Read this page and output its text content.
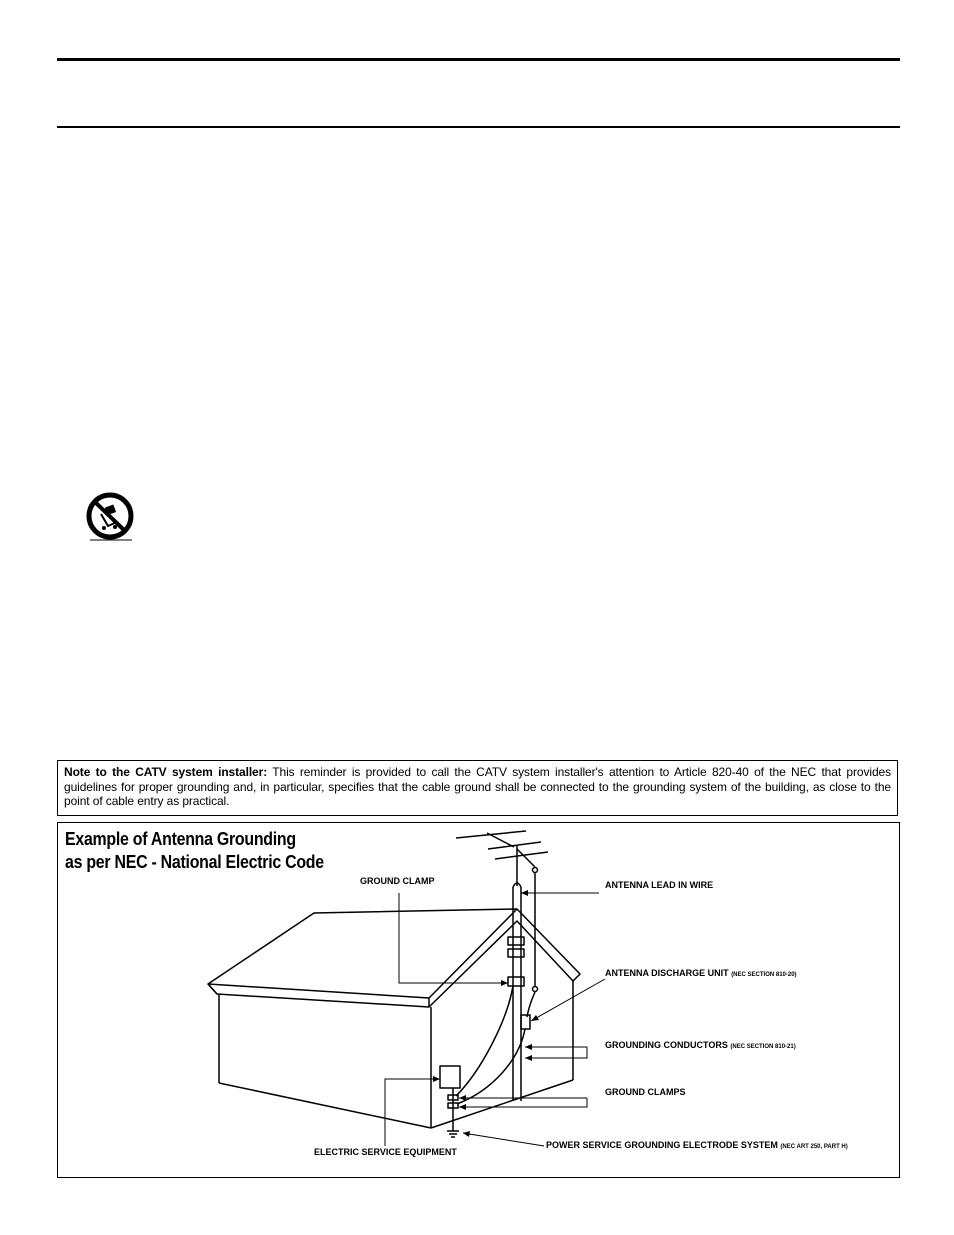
Note to the CATV system installer: This reminder is provided to call the CATV system installer's attention to Article 820-40 of the NEC that provides guidelines for proper grounding and, in particular, specifies that the cable ground shall be connected to the grounding system of the building, as close to the point of cable entry as practical.
Example of Antenna Grounding
as per NEC - National Electric Code
GROUND CLAMP	ANTENNA LEAD IN WIRE
ANTENNA DISCHARGE UNIT (NEC SECTION 810-20)
GROUNDING CONDUCTORS (NEC SECTION 810-21)
GROUND CLAMPS
POWER SERVICE GROUNDING ELECTRODE SYSTEM (NEC ART 250, PART H)
ELECTRIC SERVICE EQUIPMENT
